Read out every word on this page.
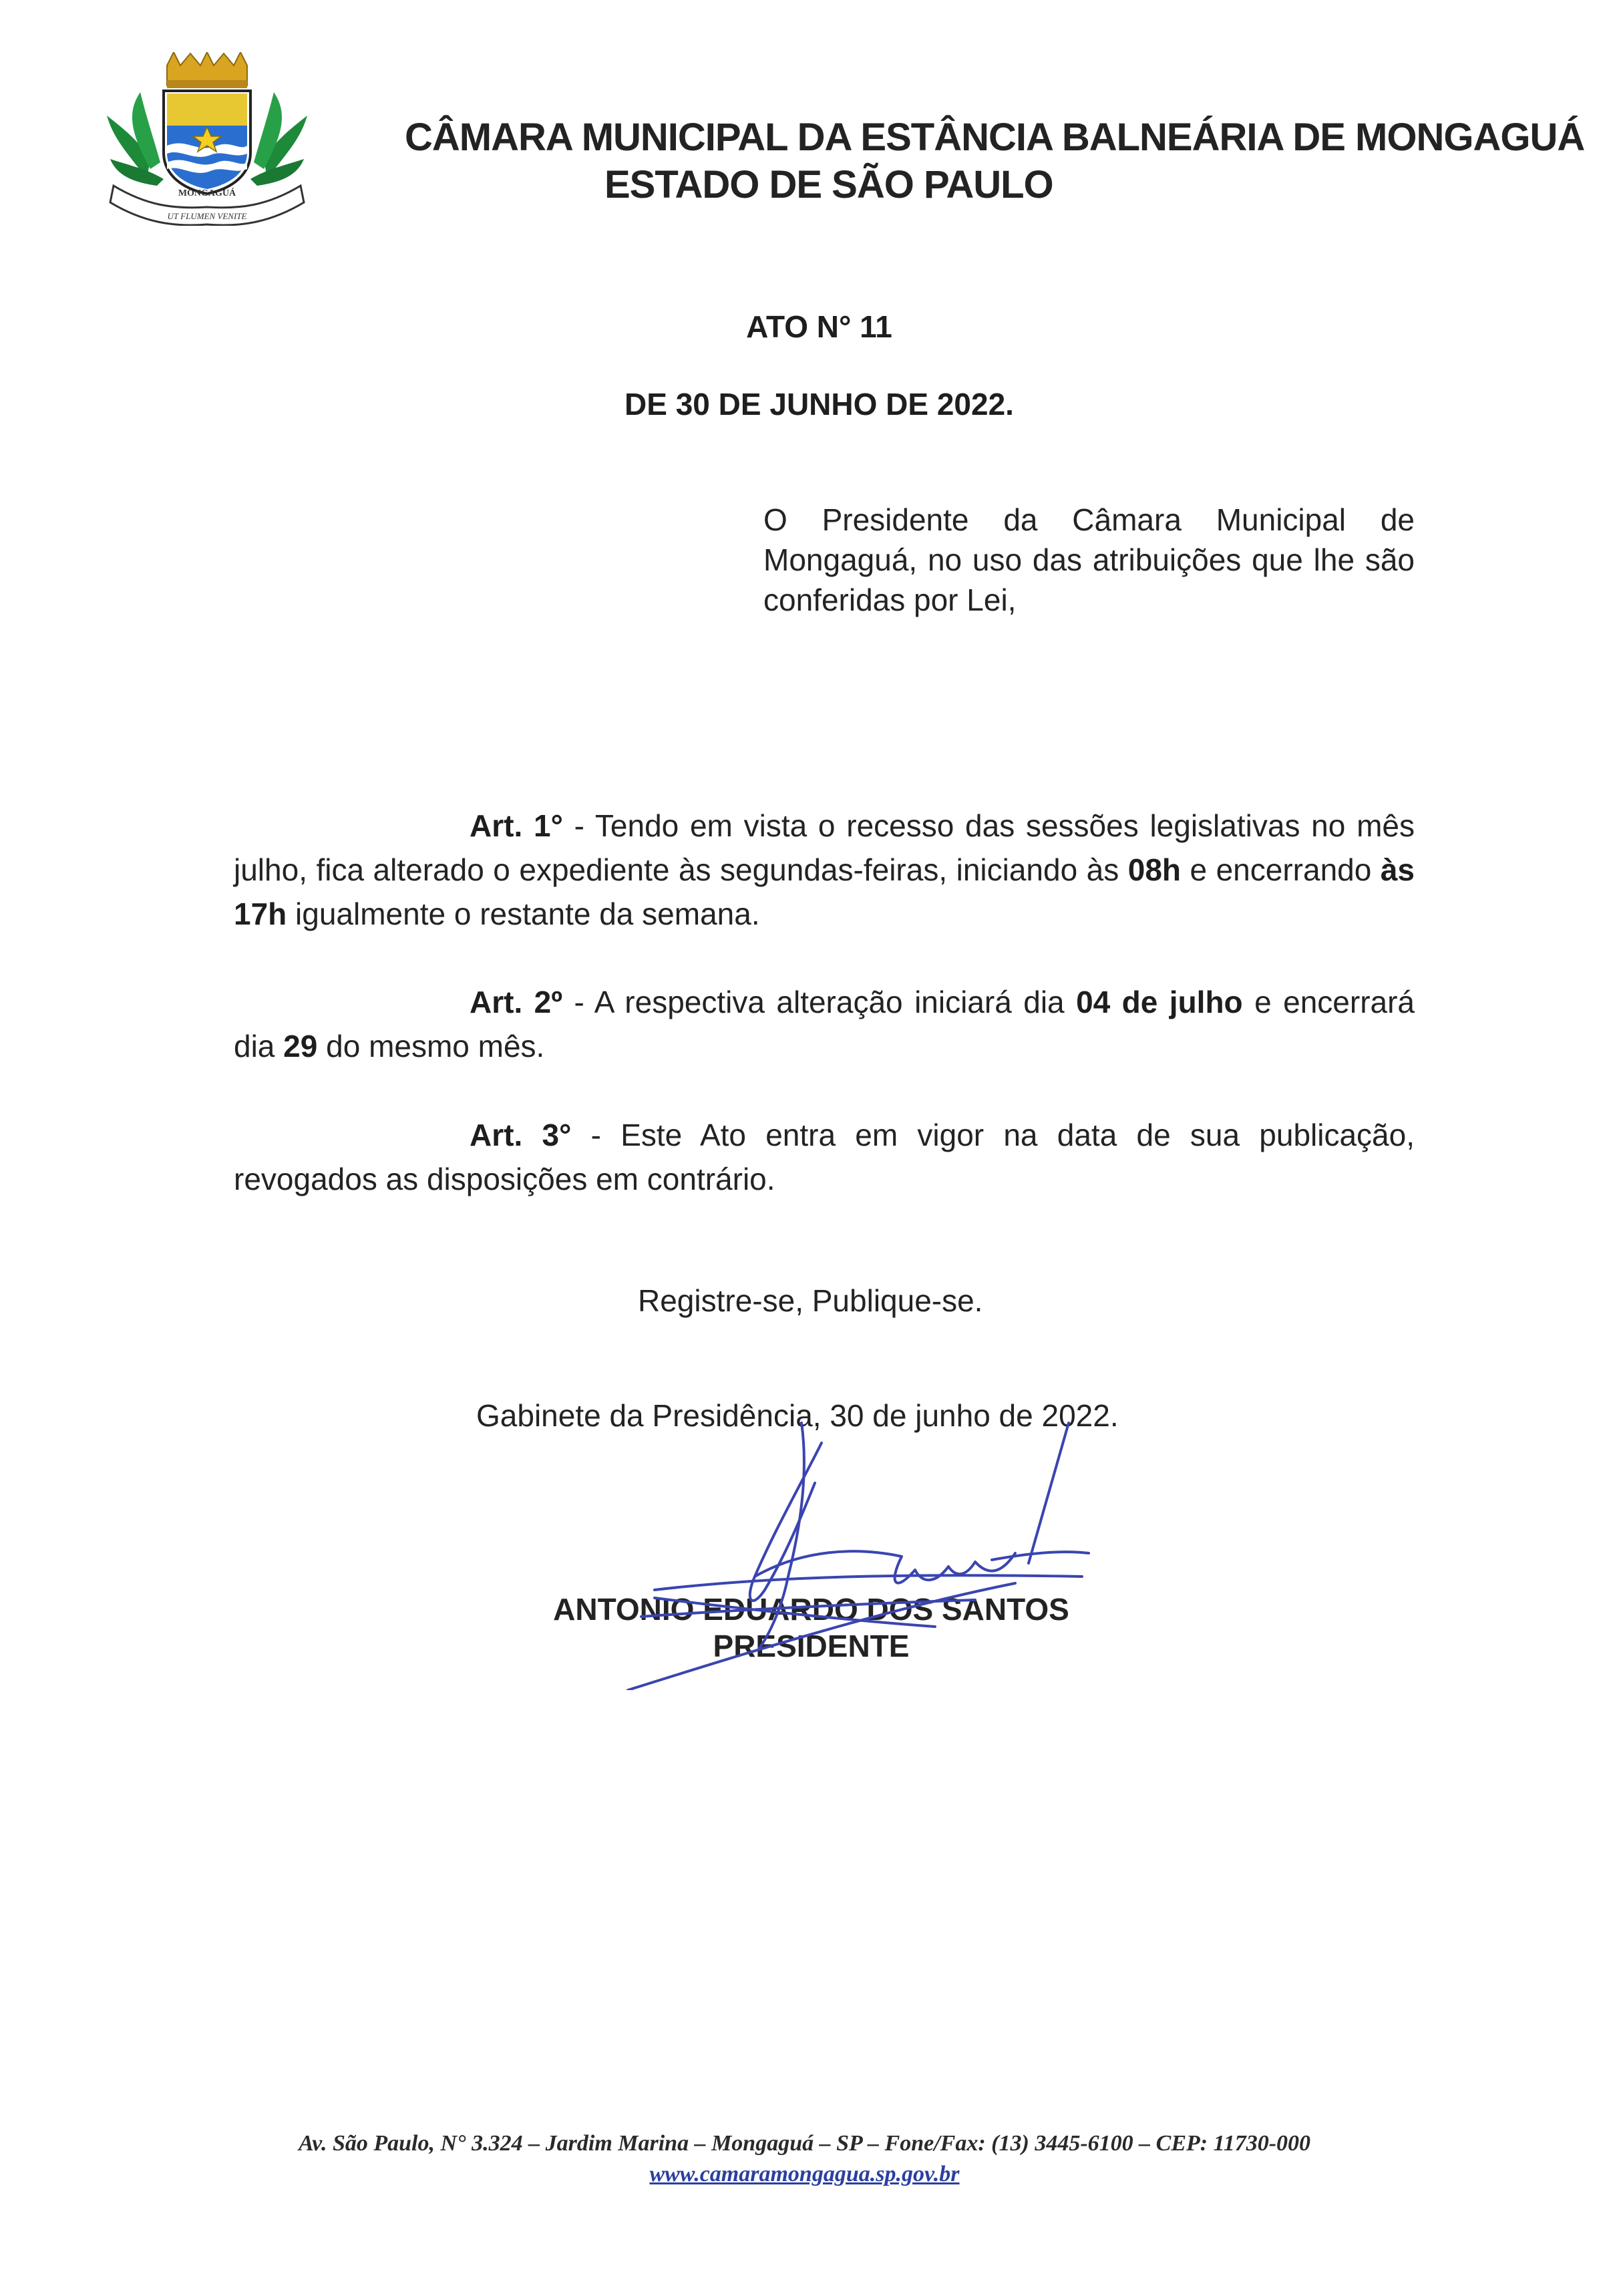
MONGAGUÁ
UT FLUMEN VENITE
CÂMARA MUNICIPAL DA ESTÂNCIA BALNEÁRIA DE MONGAGUÁ
ESTADO DE SÃO PAULO
ATO N° 11
DE 30 DE JUNHO DE 2022.
O Presidente da Câmara Municipal de Mongaguá, no uso das atribuições que lhe são conferidas por Lei,
Art. 1° - Tendo em vista o recesso das sessões legislativas no mês julho, fica alterado o expediente às segundas-feiras, iniciando às 08h e encerrando às 17h igualmente o restante da semana.
Art. 2º - A respectiva alteração iniciará dia 04 de julho e encerrará dia 29 do mesmo mês.
Art. 3° - Este Ato entra em vigor na data de sua publicação, revogados as disposições em contrário.
Registre-se, Publique-se.
Gabinete da Presidência, 30 de junho de 2022.
ANTONIO EDUARDO DOS SANTOS
PRESIDENTE
Av. São Paulo, N° 3.324 – Jardim Marina – Mongaguá – SP – Fone/Fax: (13) 3445-6100 – CEP: 11730-000
www.camaramongagua.sp.gov.br
